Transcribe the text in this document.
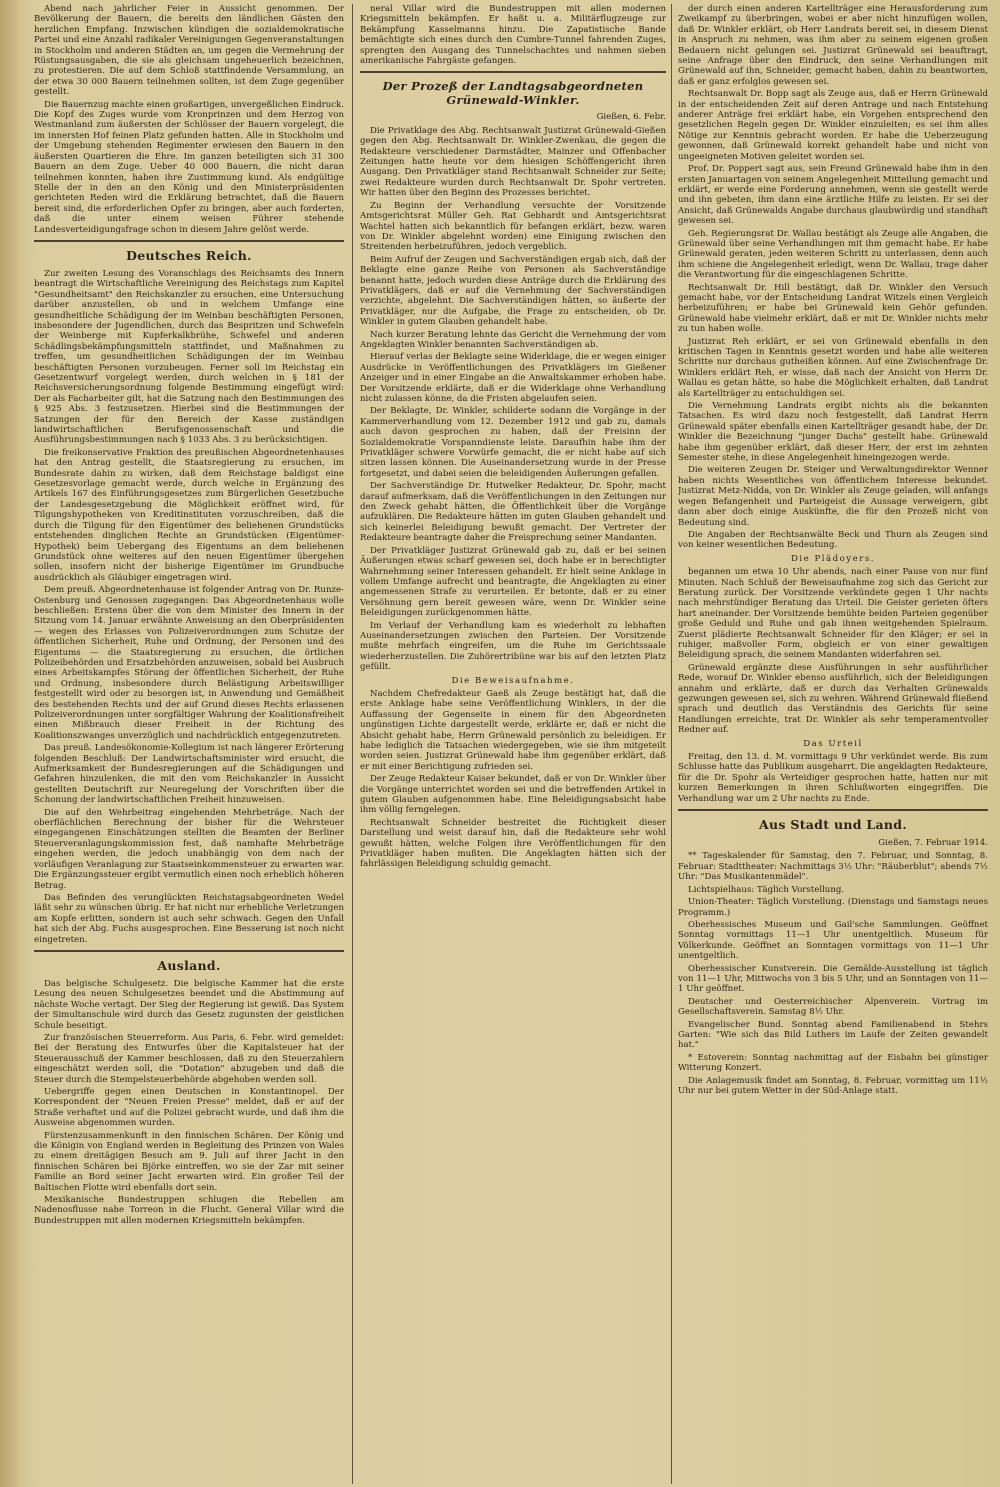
Abend nach jahrlicher Feier in Aussicht genommen. Der Bevölkerung der Bauern, die bereits den ländlichen Gästen den herzlichen Empfang. Inzwischen kündigen die sozialdemokratische Partei und eine Anzahl radikaler Vereinigungen Gegenveranstaltungen in Stockholm und anderen Städten an, um gegen die Vermehrung der Rüstungsausgaben, die sie als gleichsam ungeheuerlich bezeichnen, zu protestieren. Die auf dem Schloß stattfindende Versammlung, an der etwa 30 000 Bauern teilnehmen sollten, ist dem Zuge gegenüber gestellt.

Die Bauernzug machte einen großartigen, unvergeßlichen Eindruck. Die Kopf des Zuges wurde vom Kronprinzen und dem Herzog von Westmanland zum äußersten der Schlösser der Bauern vorgelegt, die im innersten Hof feinen Platz gefunden hatten. Alle in Stockholm und der Umgebung stehenden Regimenter erwiesen den Bauern in den äußersten Quartieren die Ehre. Im ganzen beteiligten sich 31 300 Bauern an dem Zuge. Ueber 40 000 Bauern, die nicht daran teilnehmen konnten, haben ihre Zustimmung kund. Als endgültige Stelle der in den an den König und den Ministerpräsidenten gerichteten Reden wird die Erklärung betrachtet, daß die Bauern bereit sind, die erforderlichen Opfer zu bringen, aber auch forderten, daß die unter einem weisen Führer stehende Landesverteidigungsfrage schon in diesem Jahre gelöst werde.

Deutsches Reich.

Zur zweiten Lesung des Voranschlags des Reichsamts des Innern beantragt die Wirtschaftliche Vereinigung des Reichstags zum Kapitel "Gesundheitsamt" den Reichskanzler zu ersuchen, eine Untersuchung darüber anzustellen, ob und in welchem Umfange eine gesundheitliche Schädigung der im Weinbau beschäftigten Personen, insbesondere der Jugendlichen, durch das Bespritzen und Schwefeln der Weinberge mit Kupferkalkbrühe, Schwefel und anderen Schädlingsbekämpfungsmitteln stattfindet, und Maßnahmen zu treffen, um gesundheitlichen Schädigungen der im Weinbau beschäftigten Personen vorzubeugen. Ferner soll im Reichstag ein Gesetzentwurf vorgelegt werden, durch welchen in § 181 der Reichsversicherungsordnung folgende Bestimmung eingefügt wird: Der als Facharbeiter gilt, hat die Satzung nach den Bestimmungen des § 925 Abs. 3 festzusetzen. Hierbei sind die Bestimmungen der Satzungen der für den Bereich der Kasse zuständigen landwirtschaftlichen Berufsgenossenschaft und die Ausführungsbestimmungen nach § 1033 Abs. 3 zu berücksichtigen.

Die freikonservative Fraktion des preußischen Abgeordnetenhauses hat den Antrag gestellt, die Staatsregierung zu ersuchen, im Bundesrate dahin zu wirken, daß dem Reichstage baldigst eine Gesetzesvorlage gemacht werde, durch welche in Ergänzung des Artikels 167 des Einführungsgesetzes zum Bürgerlichen Gesetzbuche der Landesgesetzgebung die Möglichkeit eröffnet wird, für Tilgungshypotheken von Kreditinstituten vorzuschreiben, daß die durch die Tilgung für den Eigentümer des beliehenen Grundstücks entstehenden dinglichen Rechte an Grundstücken (Eigentümer-Hypothek) beim Uebergang des Eigentums an dem beliehenen Grundstück ohne weiteres auf den neuen Eigentümer übergehen sollen, insofern nicht der bisherige Eigentümer im Grundbuche ausdrücklich als Gläubiger eingetragen wird.

Dem preuß. Abgeordnetenhause ist folgender Antrag von Dr. Runze-Ostenburg und Genossen zugegangen: Das Abgeordnetenhaus wolle beschließen: Erstens über die von dem Minister des Innern in der Sitzung vom 14. Januar erwähnte Anweisung an den Oberpräsidenten — wegen des Erlasses von Polizeiverordnungen zum Schutze der öffentlichen Sicherheit, Ruhe und Ordnung, der Personen und des Eigentums — die Staatsregierung zu ersuchen, die örtlichen Polizeibehörden und Ersatzbehörden anzuweisen, sobald bei Ausbruch eines Arbeitskampfes Störung der öffentlichen Sicherheit, der Ruhe und Ordnung, insbesondere durch Belästigung Arbeitswilliger festgestellt wird oder zu besorgen ist, in Anwendung und Gemäßheit des bestehenden Rechts und der auf Grund dieses Rechts erlassenen Polizeiverordnungen unter sorgfältiger Wahrung der Koalitionsfreiheit einen Mißbrauch dieser Freiheit in der Richtung des Koalitionszwanges unverzüglich und nachdrücklich entgegenzutreten.

Das preuß. Landesökonomie-Kollegium ist nach längerer Erörterung folgenden Beschluß: Der Landwirtschaftsminister wird ersucht, die Aufmerksamkeit der Bundesregierungen auf die Schädigungen und Gefahren hinzulenken, die mit den vom Reichskanzler in Aussicht gestellten Deutschrift zur Neuregelung der Vorschriften über die Schonung der landwirtschaftlichen Freiheit hinzuweisen.

Die auf den Wehrbeitrag eingehenden Mehrbeträge. Nach der oberflächlichen Berechnung der bisher für die Wehrsteuer eingegangenen Einschätzungen stellten die Beamten der Berliner Steuerveranlagungskommission fest, daß namhafte Mehrbeträge eingehen werden, die jedoch unabhängig von dem nach der vorläufigen Veranlagung zur Staatseinkommensteuer zu erwarten war. Die Ergänzungssteuer ergibt vermutlich einen noch erheblich höheren Betrag.

Das Befinden des verunglückten Reichstagsabgeordneten Wedel läßt sehr zu wünschen übrig. Er hat nicht nur erhebliche Verletzungen am Kopfe erlitten, sondern ist auch sehr schwach. Gegen den Unfall hat sich der Abg. Fuchs ausgesprochen. Eine Besserung ist noch nicht eingetreten.

Ausland.

Das belgische Schulgesetz. Die belgische Kammer hat die erste Lesung des neuen Schulgesetzes beendet und die Abstimmung auf nächste Woche vertagt. Der Sieg der Regierung ist gewiß. Das System der Simultanschule wird durch das Gesetz zugunsten der geistlichen Schule beseitigt.

Zur französischen Steuerreform. Aus Paris, 6. Febr. wird gemeldet: Bei der Beratung des Entwurfes über die Kapitalsteuer hat der Steuerausschuß der Kammer beschlossen, daß zu den Steuerzahlern eingeschätzt werden soll, die "Dotation" abzugeben und daß die Steuer durch die Stempelsteuerbehörde abgehoben werden soll.

Uebergriffe gegen einen Deutschen in Konstantinopel. Der Korrespondent der "Neuen Freien Presse" meldet, daß er auf der Straße verhaftet und auf die Polizei gebracht wurde, und daß ihm die Ausweise abgenommen wurden.

Fürstenzusammenkunft in den finnischen Schären. Der König und die Königin von England werden in Begleitung des Prinzen von Wales zu einem dreitägigen Besuch am 9. Juli auf ihrer Jacht in den finnischen Schären bei Björke eintreffen, wo sie der Zar mit seiner Familie an Bord seiner Jacht erwarten wird. Ein großer Teil der Baltischen Flotte wird ebenfalls dort sein.

Mexikanische Bundestruppen schlugen die Rebellen am Nadenosflusse nahe Torreon in die Flucht. General Villar wird die Bundestruppen mit allen modernen Kriegsmitteln bekämpfen.

neral Villar wird die Bundestruppen mit allen modernen Kriegsmitteln bekämpfen. Er haßt u. a. Militärflugzeuge zur Bekämpfung Kasselmanns hinzu. Die Zapatistische Bande bemächtigte sich eines durch den Cumbre-Tunnel fahrenden Zuges, sprengten den Ausgang des Tunnelschachtes und nahmen sieben amerikanische Fahrgäste gefangen.

Der Prozeß der Landtagsabgeordneten Grünewald-Winkler.
Gießen, 6. Febr.

Die Privatklage des Abg. Rechtsanwalt Justizrat Grünewald-Gießen gegen den Abg. Rechtsanwalt Dr. Winkler-Zwenkau, die gegen die Redakteure verschiedener Darmstädter, Mainzer und Offenbacher Zeitungen hatte heute vor dem hiesigen Schöffengericht ihren Ausgang. Den Privatkläger stand Rechtsanwalt Schneider zur Seite; zwei Redakteure wurden durch Rechtsanwalt Dr. Spohr vertreten. Wir hatten über den Beginn des Prozesses berichtet.

Zu Beginn der Verhandlung versuchte der Vorsitzende Amtsgerichtsrat Müller Geh. Rat Gebhardt und Amtsgerichtsrat Wachtel hatten sich bekanntlich für befangen erklärt, bezw. waren von Dr. Winkler abgelehnt worden) eine Einigung zwischen den Streitenden herbeizuführen, jedoch vergeblich.

Beim Aufruf der Zeugen und Sachverständigen ergab sich, daß der Beklagte eine ganze Reihe von Personen als Sachverständige benannt hatte, jedoch wurden diese Anträge durch die Erklärung des Privatklägers, daß er auf die Vernehmung der Sachverständigen verzichte, abgelehnt. Die Sachverständigen hätten, so äußerte der Privatkläger, nur die Aufgabe, die Frage zu entscheiden, ob Dr. Winkler in gutem Glauben gehandelt habe.

Nach kurzer Beratung lehnte das Gericht die Vernehmung der vom Angeklagten Winkler benannten Sachverständigen ab.

Hierauf verlas der Beklagte seine Widerklage, die er wegen einiger Ausdrücke in Veröffentlichungen des Privatklägers im Gießener Anzeiger und in einer Eingabe an die Anwaltskammer erhoben habe. Der Vorsitzende erklärte, daß er die Widerklage ohne Verhandlung nicht zulassen könne, da die Fristen abgelaufen seien.

Der Beklagte, Dr. Winkler, schilderte sodann die Vorgänge in der Kammerverhandlung vom 12. Dezember 1912 und gab zu, damals auch davon gesprochen zu haben, daß der Freisinn der Sozialdemokratie Vorspanndienste leiste. Daraufhin habe ihm der Privatkläger schwere Vorwürfe gemacht, die er nicht habe auf sich sitzen lassen können. Die Auseinandersetzung wurde in der Presse fortgesetzt, und dabei seien die beleidigenden Äußerungen gefallen.

Der Sachverständige Dr. Hutwelker Redakteur, Dr. Spohr, macht darauf aufmerksam, daß die Veröffentlichungen in den Zeitungen nur den Zweck gehabt hätten, die Öffentlichkeit über die Vorgänge aufzuklären. Die Redakteure hätten im guten Glauben gehandelt und sich keinerlei Beleidigung bewußt gemacht. Der Vertreter der Redakteure beantragte daher die Freisprechung seiner Mandanten.

Der Privatkläger Justizrat Grünewald gab zu, daß er bei seinen Äußerungen etwas scharf gewesen sei, doch habe er in berechtigter Wahrnehmung seiner Interessen gehandelt. Er hielt seine Anklage in vollem Umfange aufrecht und beantragte, die Angeklagten zu einer angemessenen Strafe zu verurteilen. Er betonte, daß er zu einer Versöhnung gern bereit gewesen wäre, wenn Dr. Winkler seine Beleidigungen zurückgenommen hätte.

Im Verlauf der Verhandlung kam es wiederholt zu lebhaften Auseinandersetzungen zwischen den Parteien. Der Vorsitzende mußte mehrfach eingreifen, um die Ruhe im Gerichtssaale wiederherzustellen. Die Zuhörertribüne war bis auf den letzten Platz gefüllt.

Die Beweisaufnahme.

Nachdem Chefredakteur Gaeß als Zeuge bestätigt hat, daß die erste Anklage habe seine Veröffentlichung Winklers, in der die Auffassung der Gegenseite in einem für den Abgeordneten ungünstigen Lichte dargestellt werde, erklärte er, daß er nicht die Absicht gehabt habe, Herrn Grünewald persönlich zu beleidigen. Er habe lediglich die Tatsachen wiedergegeben, wie sie ihm mitgeteilt worden seien. Justizrat Grünewald habe ihm gegenüber erklärt, daß er mit einer Berichtigung zufrieden sei.

Der Zeuge Redakteur Kaiser bekundet, daß er von Dr. Winkler über die Vorgänge unterrichtet worden sei und die betreffenden Artikel in gutem Glauben aufgenommen habe. Eine Beleidigungsabsicht habe ihm völlig ferngelegen.

Rechtsanwalt Schneider bestreitet die Richtigkeit dieser Darstellung und weist darauf hin, daß die Redakteure sehr wohl gewußt hätten, welche Folgen ihre Veröffentlichungen für den Privatkläger haben mußten. Die Angeklagten hätten sich der fahrlässigen Beleidigung schuldig gemacht.

der durch einen anderen Kartellträger eine Herausforderung zum Zweikampf zu überbringen, wobei er aber nicht hinzufügen wollen, daß Dr. Winkler erklärt, ob Herr Landrats bereit sei, in diesem Dienst in Anspruch zu nehmen, was ihm aber zu seinem eigenen großen Bedauern nicht gelungen sei. Justizrat Grünewald sei beauftragt, seine Anfrage über den Eindruck, den seine Verhandlungen mit Grünewald auf ihn, Schneider, gemacht haben, dahin zu beantworten, daß er ganz erfolglos gewesen sei.

Rechtsanwalt Dr. Bopp sagt als Zeuge aus, daß er Herrn Grünewald in der entscheidenden Zeit auf deren Antrage und nach Entstehung anderer Anträge frei erklärt habe, ein Vorgehen entsprechend den gesetzlichen Regeln gegen Dr. Winkler einzuleiten; es sei ihm alles Nötige zur Kenntnis gebracht worden. Er habe die Ueberzeugung gewonnen, daß Grünewald korrekt gehandelt habe und nicht von ungeeigneten Motiven geleitet worden sei.

Prof. Dr. Poppert sagt aus, sein Freund Grünewald habe ihm in den ersten Januartagen von seinem Angelegenheit Mitteilung gemacht und erklärt, er werde eine Forderung annehmen, wenn sie gestellt werde und ihn gebeten, ihm dann eine ärztliche Hilfe zu leisten. Er sei der Ansicht, daß Grünewalds Angabe durchaus glaubwürdig und standhaft gewesen sei.

Geh. Regierungsrat Dr. Wallau bestätigt als Zeuge alle Angaben, die Grünewald über seine Verhandlungen mit ihm gemacht habe. Er habe Grünewald geraten, jeden weiteren Schritt zu unterlassen, denn auch ihm schiene die Angelegenheit erledigt, wenn Dr. Wallau, trage daher die Verantwortung für die eingeschlagenen Schritte.

Rechtsanwalt Dr. Hill bestätigt, daß Dr. Winkler den Versuch gemacht habe, vor der Entscheidung Landrat Witzels einen Vergleich herbeizuführen; er habe bei Grünewald kein Gehör gefunden. Grünewald habe vielmehr erklärt, daß er mit Dr. Winkler nichts mehr zu tun haben wolle.

Justizrat Reh erklärt, er sei von Grünewald ebenfalls in den kritischen Tagen in Kenntnis gesetzt worden und habe alle weiteren Schritte nur durchaus gutheißen können. Auf eine Zwischenfrage Dr. Winklers erklärt Reh, er wisse, daß nach der Ansicht von Herrn Dr. Wallau es getan hätte, so habe die Möglichkeit erhalten, daß Landrat als Kartellträger zu entschuldigen sei.

Die Vernehmung Landrats ergibt nichts als die bekannten Tatsachen. Es wird dazu noch festgestellt, daß Landrat Herrn Grünewald später ebenfalls einen Kartellträger gesandt habe, der Dr. Winkler die Bezeichnung "junger Dachs" gestellt habe. Grünewald habe ihm gegenüber erklärt, daß dieser Herr, der erst im zehnten Semester stehe, in diese Angelegenheit hineingezogen werde.

Die weiteren Zeugen Dr. Steiger und Verwaltungsdirektor Wenner haben nichts Wesentliches von öffentlichem Interesse bekundet. Justizrat Metz-Nidda, von Dr. Winkler als Zeuge geladen, will anfangs wegen Befangenheit und Parteigeist die Aussage verweigern, gibt dann aber doch einige Auskünfte, die für den Prozeß nicht von Bedeutung sind.

Die Angaben der Rechtsanwälte Beck und Thurn als Zeugen sind von keiner wesentlichen Bedeutung.

Die Plädoyers.

begannen um etwa 10 Uhr abends, nach einer Pause von nur fünf Minuten. Nach Schluß der Beweisaufnahme zog sich das Gericht zur Beratung zurück. Der Vorsitzende verkündete gegen 1 Uhr nachts nach mehrstündiger Beratung das Urteil. Die Geister gerieten öfters hart aneinander. Der Vorsitzende bemühte beiden Parteien gegenüber große Geduld und Ruhe und gab ihnen weitgehenden Spielraum. Zuerst plädierte Rechtsanwalt Schneider für den Kläger; er sei in ruhiger, maßvoller Form, obgleich er von einer gewaltigen Beleidigung sprach, die seinem Mandanten widerfahren sei.

Grünewald ergänzte diese Ausführungen in sehr ausführlicher Rede, worauf Dr. Winkler ebenso ausführlich, sich der Beleidigungen annahm und erklärte, daß er durch das Verhalten Grünewalds gezwungen gewesen sei, sich zu wehren. Während Grünewald fließend sprach und deutlich das Verständnis des Gerichts für seine Handlungen erreichte, trat Dr. Winkler als sehr temperamentvoller Redner auf.

Das Urteil

Freitag, den 13. d. M. vormittags 9 Uhr verkündet werde. Bis zum Schlusse hatte das Publikum ausgeharrt. Die angeklagten Redakteure, für die Dr. Spohr als Verteidiger gesprochen hatte, hatten nur mit kurzen Bemerkungen in ihren Schlußworten eingegriffen. Die Verhandlung war um 2 Uhr nachts zu Ende.

Aus Stadt und Land.
Gießen, 7. Februar 1914.

** Tageskalender für Samstag, den 7. Februar, und Sonntag, 8. Februar: Stadttheater: Nachmittags 3½ Uhr: "Räuberblut"; abends 7½ Uhr: "Das Musikantenmädel".

Lichtspielhaus: Täglich Vorstellung.

Union-Theater: Täglich Vorstellung. (Dienstags und Samstags neues Programm.)

Oberhessisches Museum und Gail'sche Sammlungen. Geöffnet Sonntag vormittags 11—1 Uhr unentgeltlich. Museum für Völkerkunde. Geöffnet an Sonntagen vormittags von 11—1 Uhr unentgeltlich.

Oberhessischer Kunstverein. Die Gemälde-Ausstellung ist täglich von 11—1 Uhr, Mittwochs von 3 bis 5 Uhr, und an Sonntagen von 11—1 Uhr geöffnet.

Deutscher und Oesterreichischer Alpenverein. Vortrag im Gesellschaftsverein. Samstag 8½ Uhr.

Evangelischer Bund. Sonntag abend Familienabend in Stehrs Garten: "Wie sich das Bild Luthers im Laufe der Zeiten gewandelt hat."

* Estoverein: Sonntag nachmittag auf der Eisbahn bei günstiger Witterung Konzert.

Die Anlagemusik findet am Sonntag, 8. Februar, vormittag um 11½ Uhr nur bei gutem Wetter in der Süd-Anlage statt.
